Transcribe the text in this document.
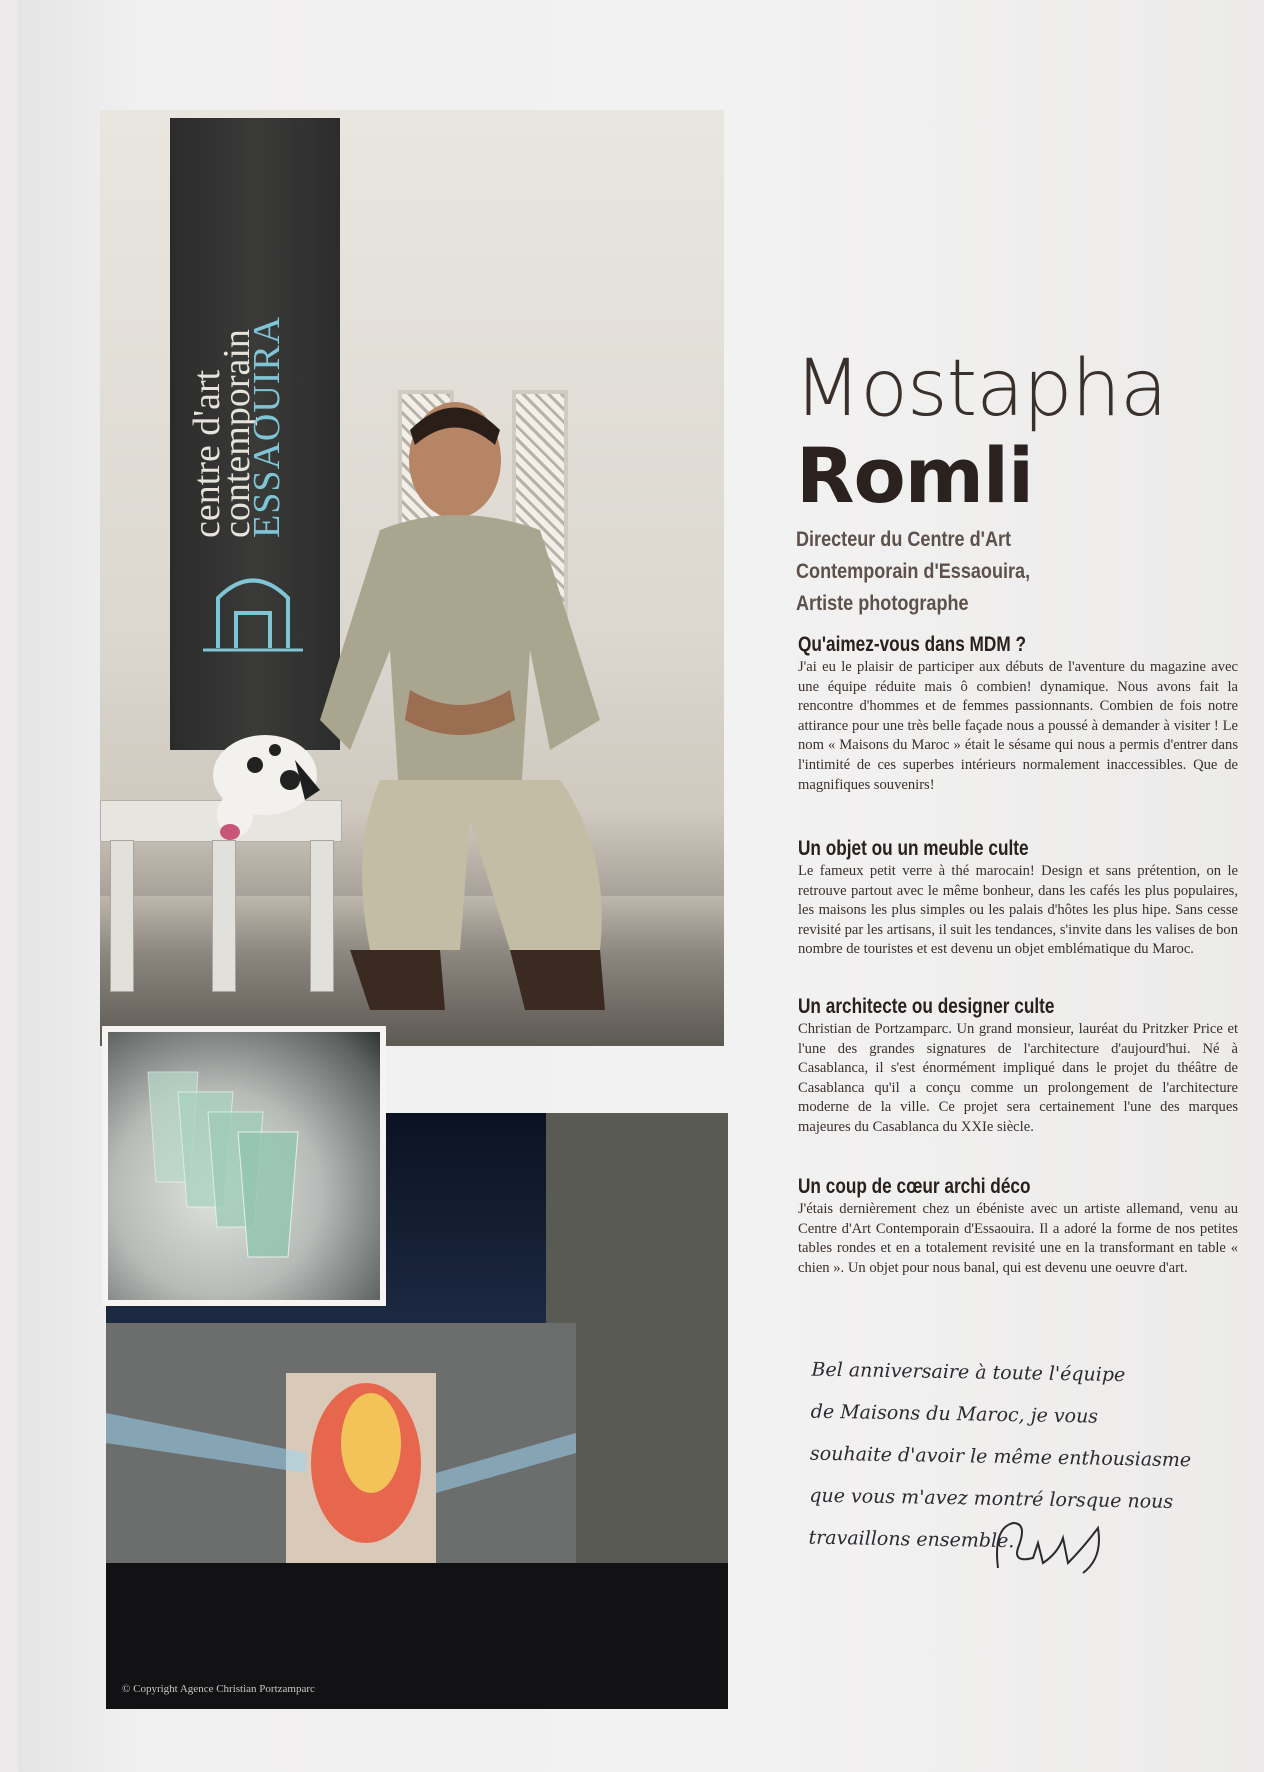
centre d'art
contemporain
ESSAOUIRA
© Copyright Agence Christian Portzamparc
Mostapha
Romli

Directeur du Centre d'Art Contemporain d'Essaouira, Artiste photographe

Qu'aimez-vous dans MDM ?

J'ai eu le plaisir de participer aux débuts de l'aventure du magazine avec une équipe réduite mais ô combien! dynamique. Nous avons fait la rencontre d'hommes et de femmes passionnants. Combien de fois notre attirance pour une très belle façade nous a poussé à demander à visiter ! Le nom « Maisons du Maroc » était le sésame qui nous a permis d'entrer dans l'intimité de ces superbes intérieurs normalement inaccessibles. Que de magnifiques souvenirs!

Un objet ou un meuble culte

Le fameux petit verre à thé marocain! Design et sans prétention, on le retrouve partout avec le même bonheur, dans les cafés les plus populaires, les maisons les plus simples ou les palais d'hôtes les plus hipe. Sans cesse revisité par les artisans, il suit les tendances, s'invite dans les valises de bon nombre de touristes et est devenu un objet emblématique du Maroc.

Un architecte ou designer culte

Christian de Portzamparc. Un grand monsieur, lauréat du Pritzker Price et l'une des grandes signatures de l'architecture d'aujourd'hui. Né à Casablanca, il s'est énormément impliqué dans le projet du théâtre de Casablanca qu'il a conçu comme un prolongement de l'architecture moderne de la ville. Ce projet sera certainement l'une des marques majeures du Casablanca du XXIe siècle.

Un coup de cœur archi déco

J'étais dernièrement chez un ébéniste avec un artiste allemand, venu au Centre d'Art Contemporain d'Essaouira. Il a adoré la forme de nos petites tables rondes et en a totalement revisité une en la transformant en table « chien ». Un objet pour nous banal, qui est devenu une oeuvre d'art.

Bel anniversaire à toute l'équipe
de Maisons du Maroc, je vous
souhaite d'avoir le même enthousiasme
que vous m'avez montré lorsque nous
travaillons ensemble.
